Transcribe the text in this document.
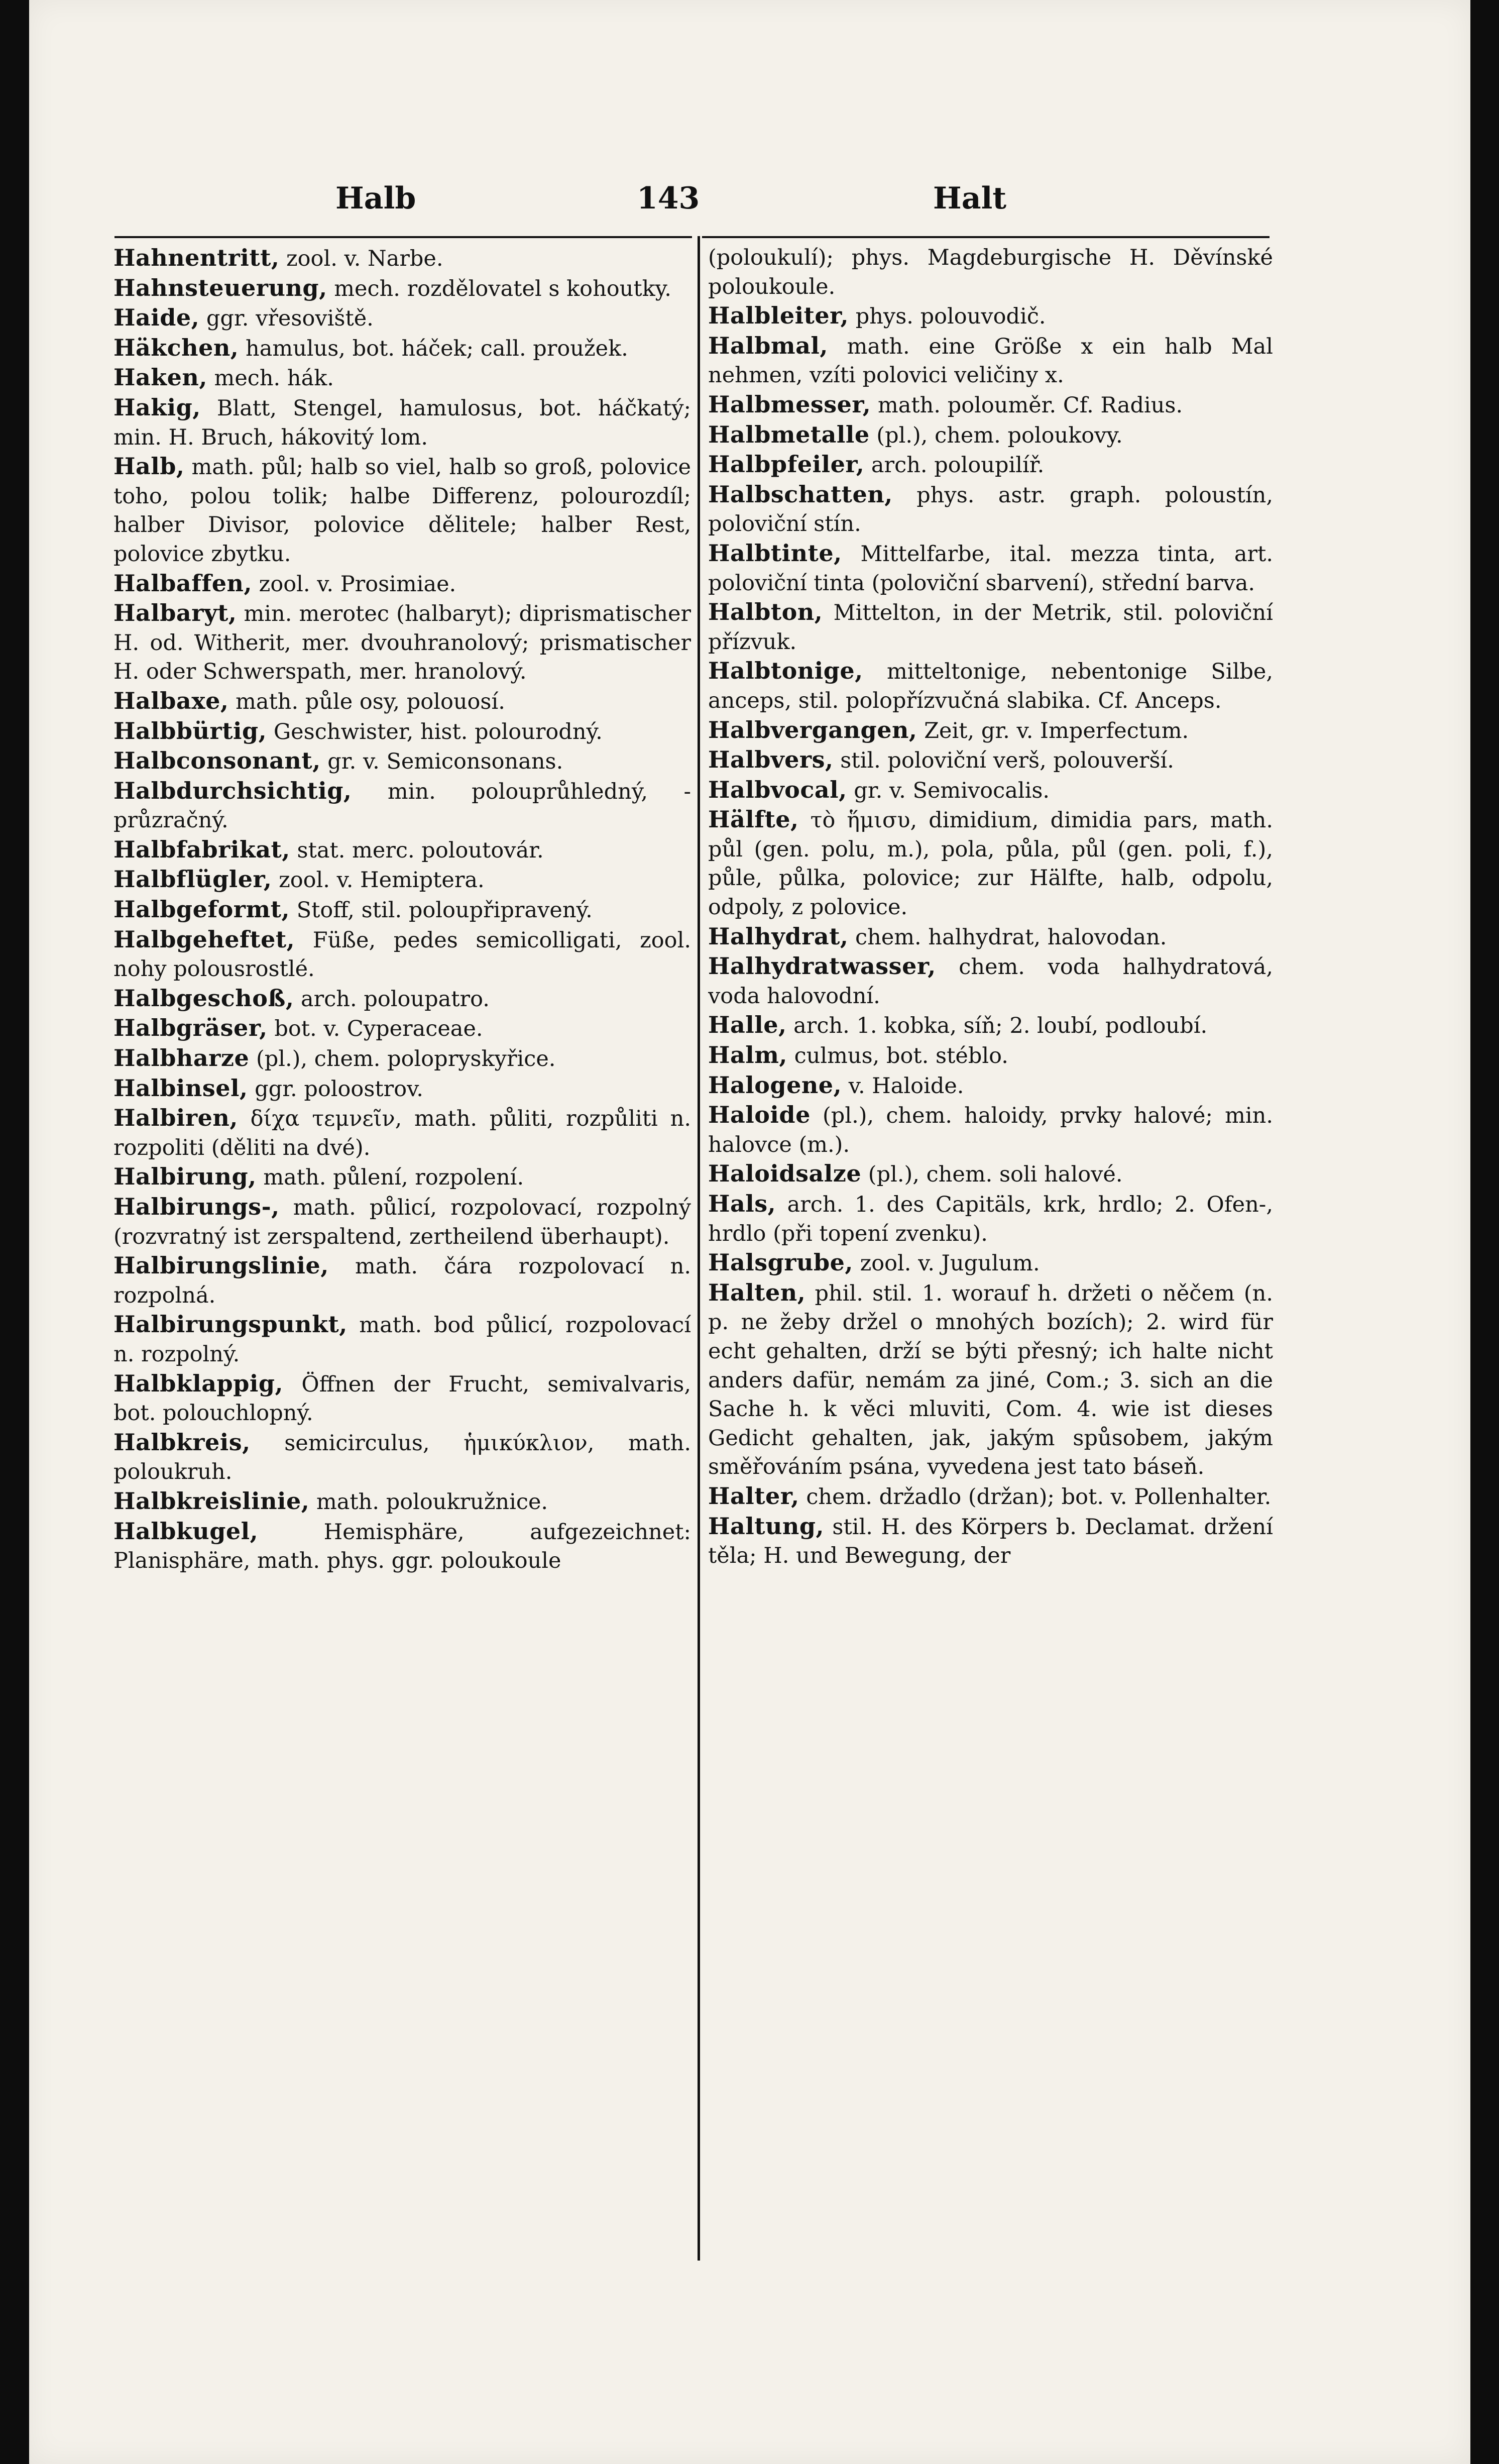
Halb	143	Halt

Hahnentritt, zool. v. Narbe.

Hahnsteuerung, mech. rozdělovatel s kohoutky.

Haide, ggr. vřesoviště.

Häkchen, hamulus, bot. háček; call. proužek.

Haken, mech. hák.

Hakig, Blatt, Stengel, hamulosus, bot. háčkatý; min. H. Bruch, hákovitý lom.

Halb, math. půl; halb so viel, halb so groß, polovice toho, polou tolik; halbe Differenz, polourozdíl; halber Divisor, polovice dělitele; halber Rest, polovice zbytku.

Halbaffen, zool. v. Prosimiae.

Halbaryt, min. merotec (halbaryt); diprismatischer H. od. Witherit, mer. dvouhranolový; prismatischer H. oder Schwerspath, mer. hranolový.

Halbaxe, math. půle osy, polouosí.

Halbbürtig, Geschwister, hist. polourodný.

Halbconsonant, gr. v. Semiconsonans.

Halbdurchsichtig, min. polouprůhledný, -průzračný.

Halbfabrikat, stat. merc. poloutovár.

Halbflügler, zool. v. Hemiptera.

Halbgeformt, Stoff, stil. poloupřipravený.

Halbgeheftet, Füße, pedes semicolligati, zool. nohy polousrostlé.

Halbgeschoß, arch. poloupatro.

Halbgräser, bot. v. Cyperaceae.

Halbharze (pl.), chem. polopryskyřice.

Halbinsel, ggr. poloostrov.

Halbiren, δίχα τεμνεῖν, math. půliti, rozpůliti n. rozpoliti (děliti na dvé).

Halbirung, math. půlení, rozpolení.

Halbirungs-, math. půlicí, rozpolovací, rozpolný (rozvratný ist zerspaltend, zertheilend überhaupt).

Halbirungslinie, math. čára rozpolovací n. rozpolná.

Halbirungspunkt, math. bod půlicí, rozpolovací n. rozpolný.

Halbklappig, Öffnen der Frucht, semivalvaris, bot. polouchlopný.

Halbkreis, semicirculus, ἡμικύκλιον, math. poloukruh.

Halbkreislinie, math. poloukružnice.

Halbkugel, Hemisphäre, aufgezeichnet: Planisphäre, math. phys. ggr. poloukoule

(poloukulí); phys. Magdeburgische H. Děvínské poloukoule.

Halbleiter, phys. polouvodič.

Halbmal, math. eine Größe x ein halb Mal nehmen, vzíti polovici veličiny x.

Halbmesser, math. polouměr. Cf. Radius.

Halbmetalle (pl.), chem. poloukovy.

Halbpfeiler, arch. poloupilíř.

Halbschatten, phys. astr. graph. poloustín, poloviční stín.

Halbtinte, Mittelfarbe, ital. mezza tinta, art. poloviční tinta (poloviční sbarvení), střední barva.

Halbton, Mittelton, in der Metrik, stil. poloviční přízvuk.

Halbtonige, mitteltonige, nebentonige Silbe, anceps, stil. polopřízvučná slabika. Cf. Anceps.

Halbvergangen, Zeit, gr. v. Imperfectum.

Halbvers, stil. poloviční verš, polouverší.

Halbvocal, gr. v. Semivocalis.

Hälfte, τὸ ἥμισυ, dimidium, dimidia pars, math. půl (gen. polu, m.), pola, půla, půl (gen. poli, f.), půle, půlka, polovice; zur Hälfte, halb, odpolu, odpoly, z polovice.

Halhydrat, chem. halhydrat, halovodan.

Halhydratwasser, chem. voda halhydratová, voda halovodní.

Halle, arch. 1. kobka, síň; 2. loubí, podloubí.

Halm, culmus, bot. stéblo.

Halogene, v. Haloide.

Haloide (pl.), chem. haloidy, prvky halové; min. halovce (m.).

Haloidsalze (pl.), chem. soli halové.

Hals, arch. 1. des Capitäls, krk, hrdlo; 2. Ofen-, hrdlo (při topení zvenku).

Halsgrube, zool. v. Jugulum.

Halten, phil. stil. 1. worauf h. držeti o něčem (n. p. ne žeby držel o mnohých bozích); 2. wird für echt gehalten, drží se býti přesný; ich halte nicht anders dafür, nemám za jiné, Com.; 3. sich an die Sache h. k věci mluviti, Com. 4. wie ist dieses Gedicht gehalten, jak, jakým spůsobem, jakým směřováním psána, vyvedena jest tato báseň.

Halter, chem. držadlo (držan); bot. v. Pollenhalter.

Haltung, stil. H. des Körpers b. Declamat. držení těla; H. und Bewegung, der
